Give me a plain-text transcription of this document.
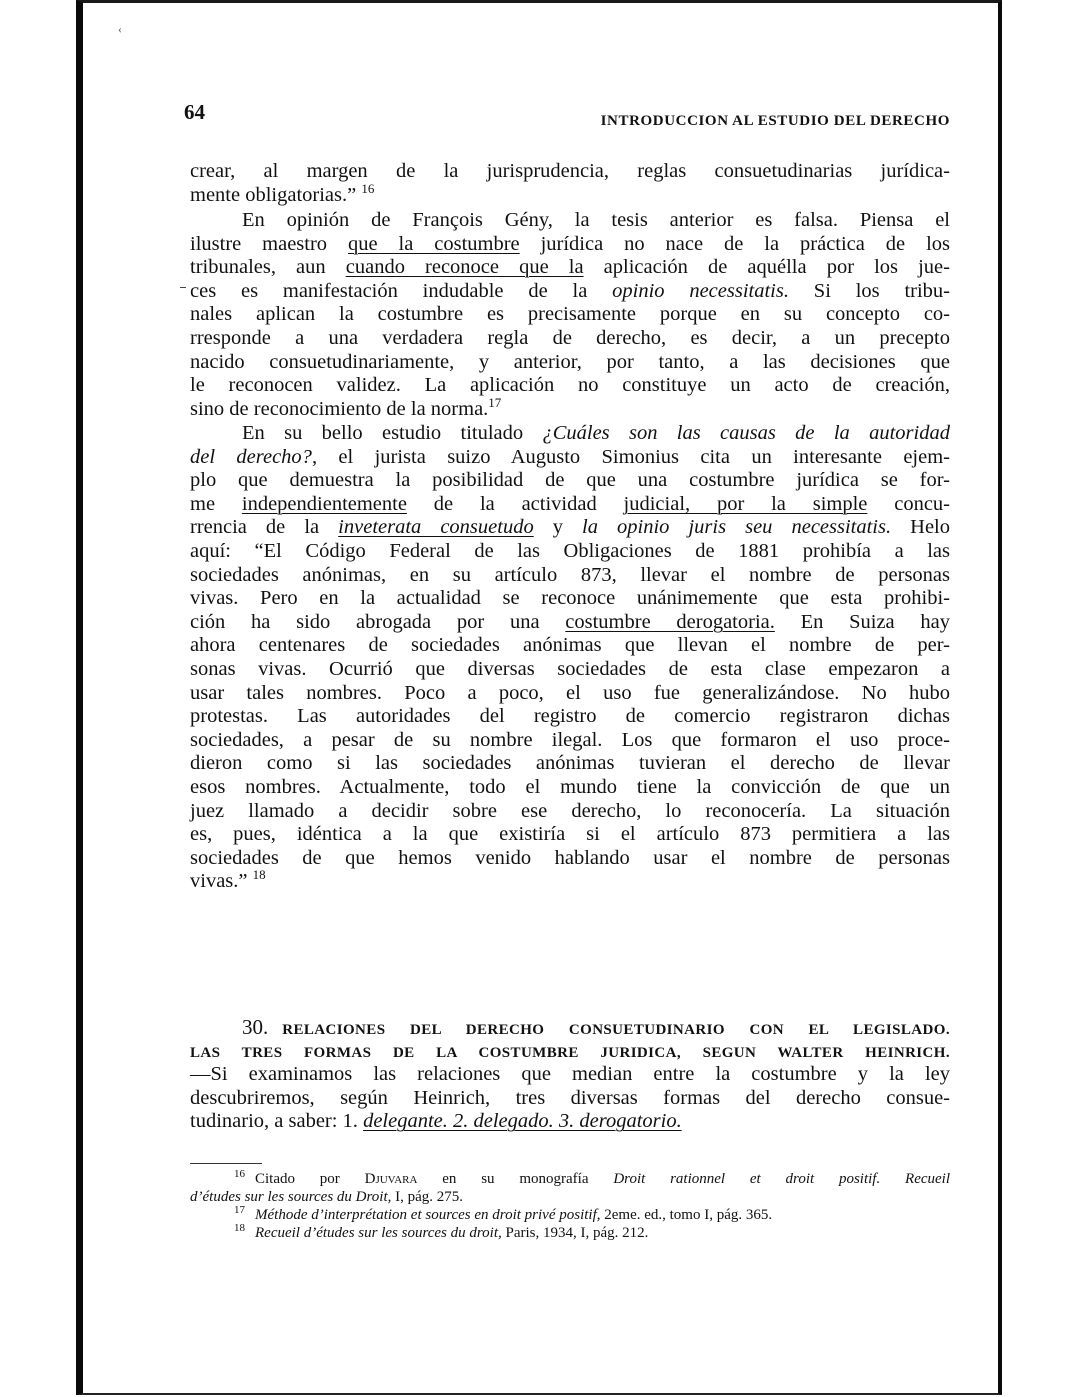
‹
64	INTRODUCCION AL ESTUDIO DEL DERECHO
crear, al margen de la jurisprudencia, reglas consuetudinarias jurídica-
mente obligatorias.” $^{16}$
En opinión de François Gény, la tesis anterior es falsa. Piensa el
ilustre maestro que la costumbre jurídica no nace de la práctica de los
tribunales, aun cuando reconoce que la aplicación de aquélla por los jue-
ces es manifestación indudable de la opinio necessitatis. Si los tribu-
nales aplican la costumbre es precisamente porque en su concepto co-
rresponde a una verdadera regla de derecho, es decir, a un precepto
nacido consuetudinariamente, y anterior, por tanto, a las decisiones que
le reconocen validez. La aplicación no constituye un acto de creación,
sino de reconocimiento de la norma.$^{17}$
En su bello estudio titulado ¿Cuáles son las causas de la autoridad
del derecho?, el jurista suizo Augusto Simonius cita un interesante ejem-
plo que demuestra la posibilidad de que una costumbre jurídica se for-
me independientemente de la actividad judicial, por la simple concu-
rrencia de la inveterata consuetudo y la opinio juris seu necessitatis. Helo
aquí: “El Código Federal de las Obligaciones de 1881 prohibía a las
sociedades anónimas, en su artículo 873, llevar el nombre de personas
vivas. Pero en la actualidad se reconoce unánimemente que esta prohibi-
ción ha sido abrogada por una costumbre derogatoria. En Suiza hay
ahora centenares de sociedades anónimas que llevan el nombre de per-
sonas vivas. Ocurrió que diversas sociedades de esta clase empezaron a
usar tales nombres. Poco a poco, el uso fue generalizándose. No hubo
protestas. Las autoridades del registro de comercio registraron dichas
sociedades, a pesar de su nombre ilegal. Los que formaron el uso proce-
dieron como si las sociedades anónimas tuvieran el derecho de llevar
esos nombres. Actualmente, todo el mundo tiene la convicción de que un
juez llamado a decidir sobre ese derecho, lo reconocería. La situación
es, pues, idéntica a la que existiría si el artículo 873 permitiera a las
sociedades de que hemos venido hablando usar el nombre de personas
vivas.” $^{18}$
30. RELACIONES DEL DERECHO CONSUETUDINARIO CON EL LEGISLADO.
LAS TRES FORMAS DE LA COSTUMBRE JURIDICA, SEGUN WALTER HEINRICH.
—Si examinamos las relaciones que median entre la costumbre y la ley
descubriremos, según Heinrich, tres diversas formas del derecho consue-
tudinario, a saber: 1. delegante. 2. delegado. 3. derogatorio.
$^{16}$ Citado por Djuvara en su monografía Droit rationnel et droit positif. Recueil
d’études sur les sources du Droit, I, pág. 275.
$^{17}$ Méthode d’interprétation et sources en droit privé positif, 2eme. ed., tomo I, pág. 365.
$^{18}$ Recueil d’études sur les sources du droit, Paris, 1934, I, pág. 212.
